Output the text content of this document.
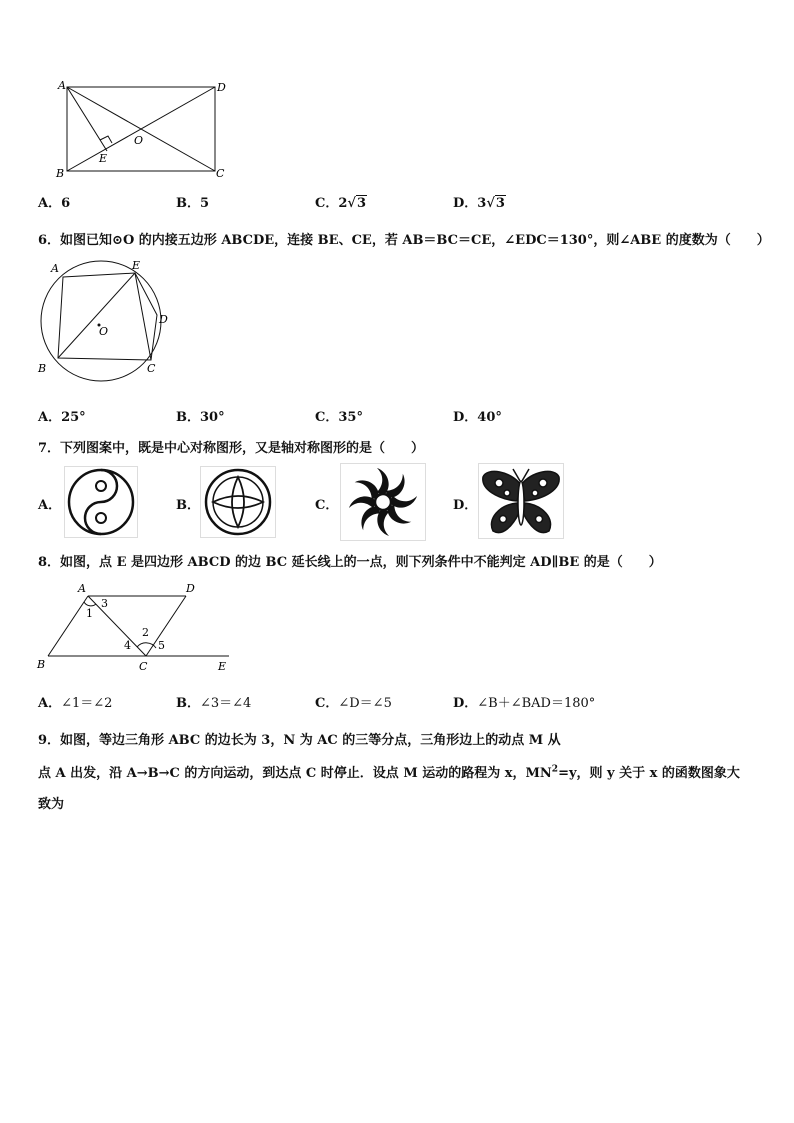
A
B	C
D
E
O
A．6	B．5	C．2√3	D．3√3
6．如图已知⊙O 的内接五边形 ABCDE，连接 BE、CE，若 AB＝BC＝CE，∠EDC＝130°，则∠ABE 的度数为（　　）
A
B	C
D
E
O
A．25°	B．30°	C．35°	D．40°
7．下列图案中，既是中心对称图形，又是轴对称图形的是（　　）
A．	B．	C．	D．
8．如图，点 E 是四边形 ABCD 的边 BC 延长线上的一点，则下列条件中不能判定 AD∥BE 的是（　　）
A
B	C
D
E
1
2
3
4 5
A．∠1＝∠2	B．∠3＝∠4	C．∠D＝∠5	D．∠B＋∠BAD＝180°
9．如图，等边三角形 ABC 的边长为 3，N 为 AC 的三等分点，三角形边上的动点 M 从
点 A 出发，沿 A→B→C 的方向运动，到达点 C 时停止．设点 M 运动的路程为 x，$MN^2=y$，则 y 关于 x 的函数图象大
致为
